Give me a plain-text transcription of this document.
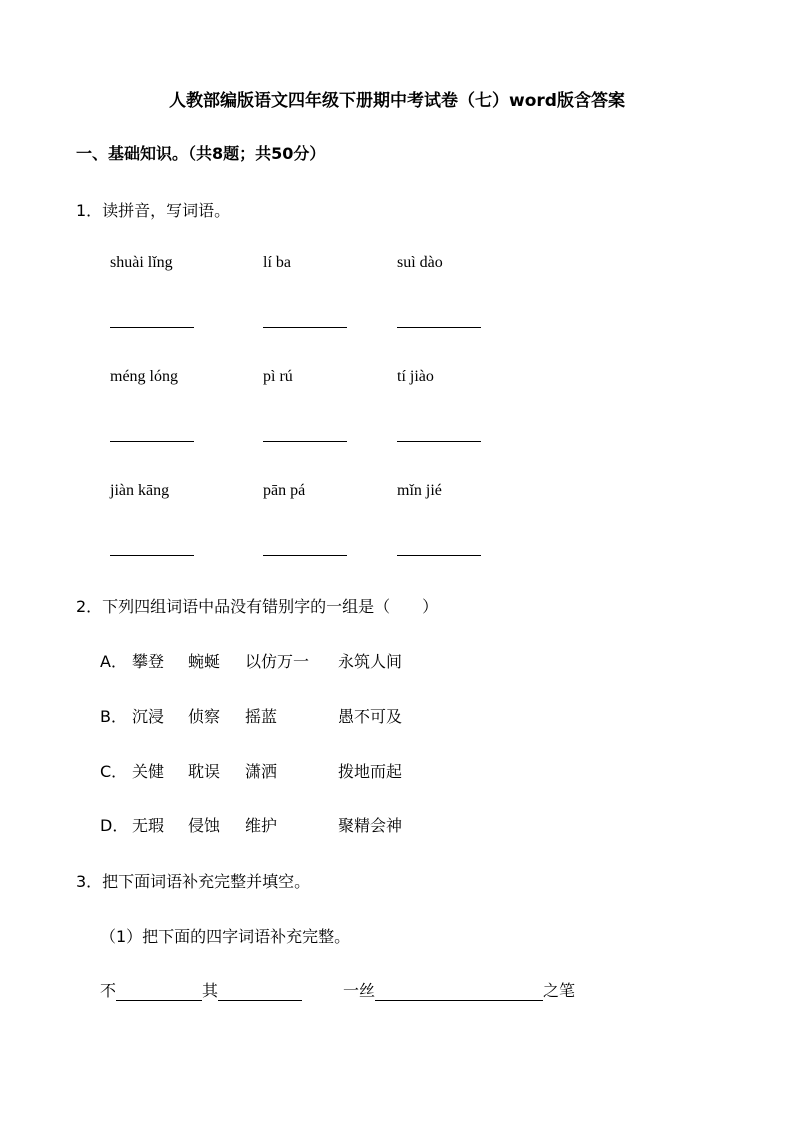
人教部编版语文四年级下册期中考试卷（七）word版含答案
一、基础知识。（共8题；共50分）
1．读拼音，写词语。
shuài lǐng	lí ba	suì dào
méng lóng	pì rú	tí jiào
jiàn kāng	pān pá	mǐn jié
2．下列四组词语中品没有错别字的一组是（　　）
A． 攀登 蜿蜒 以仿万一 永筑人间
B． 沉浸 侦察 摇蓝	愚不可及
C． 关健 耽误 潇洒	拨地而起
D． 无瑕 侵蚀 维护	聚精会神
3．把下面词语补充完整并填空。
（1）把下面的四字词语补充完整。
不	其	一丝	之笔
